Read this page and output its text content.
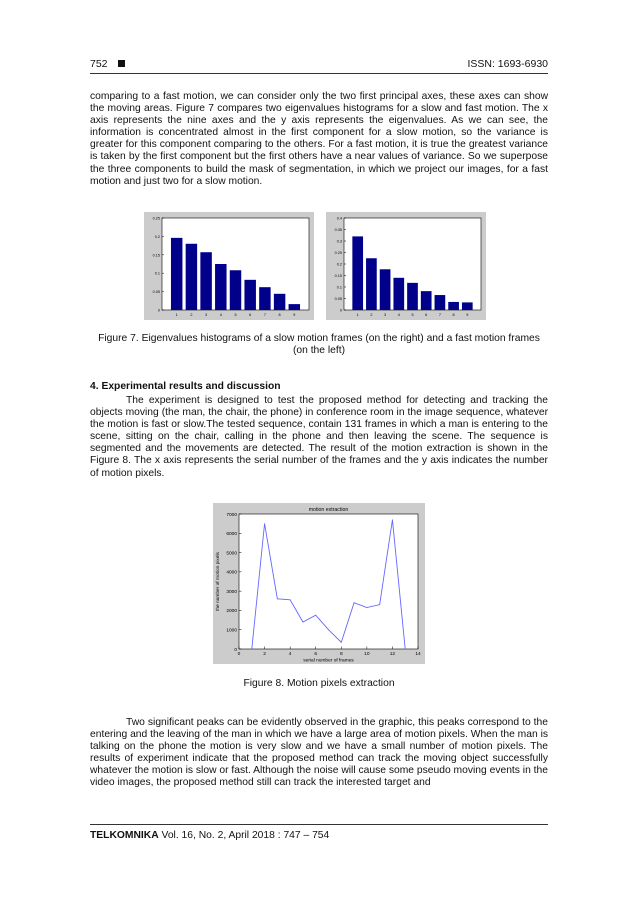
752	ISSN: 1693-6930

comparing to a fast motion, we can consider only the two first principal axes, these axes can show the moving areas. Figure 7 compares two eigenvalues histograms for a slow and fast motion. The x axis represents the nine axes and the y axis represents the eigenvalues. As we can see, the information is concentrated almost in the first component for a slow motion, so the variance is greater for this component comparing to the others. For a fast motion, it is true the greatest variance is taken by the first component but the first others have a near values of variance. So we superpose the three components to build the mask of segmentation, in which we project our images, for a fast motion and just two for a slow motion.

0
0.05
0.1
0.15
0.2
0.25
1	2	3	4	5	6	7	8	9
0
0.05
0.1
0.15
0.2
0.25
0.3
0.35
0.4
1	2	3	4	5	6	7	8	9

Figure 7. Eigenvalues histograms of a slow motion frames (on the right) and a fast motion frames (on the left)

4. Experimental results and discussion

The experiment is designed to test the proposed method for detecting and tracking the objects moving (the man, the chair, the phone) in conference room in the image sequence, whatever the motion is fast or slow.The tested sequence, contain 131 frames in which a man is entering to the scene, sitting on the chair, calling in the phone and then leaving the scene. The sequence is segmented and the movements are detected. The result of the motion extraction is shown in the Figure 8. The x axis represents the serial number of the frames and the y axis indicates the number of motion pixels.

motion extraction
0
1000
2000
3000
4000
5000
6000
7000
0	2	4	6	8	10	12	14
serial number of frames
the number of motion pixels

Figure 8. Motion pixels extraction

Two significant peaks can be evidently observed in the graphic, this peaks correspond to the entering and the leaving of the man in which we have a large area of motion pixels. When the man is talking on the phone the motion is very slow and we have a small number of motion pixels. The results of experiment indicate that the proposed method can track the moving object successfully whatever the motion is slow or fast. Although the noise will cause some pseudo moving events in the video images, the proposed method still can track the interested target and

TELKOMNIKA Vol. 16, No. 2, April 2018 : 747 – 754
